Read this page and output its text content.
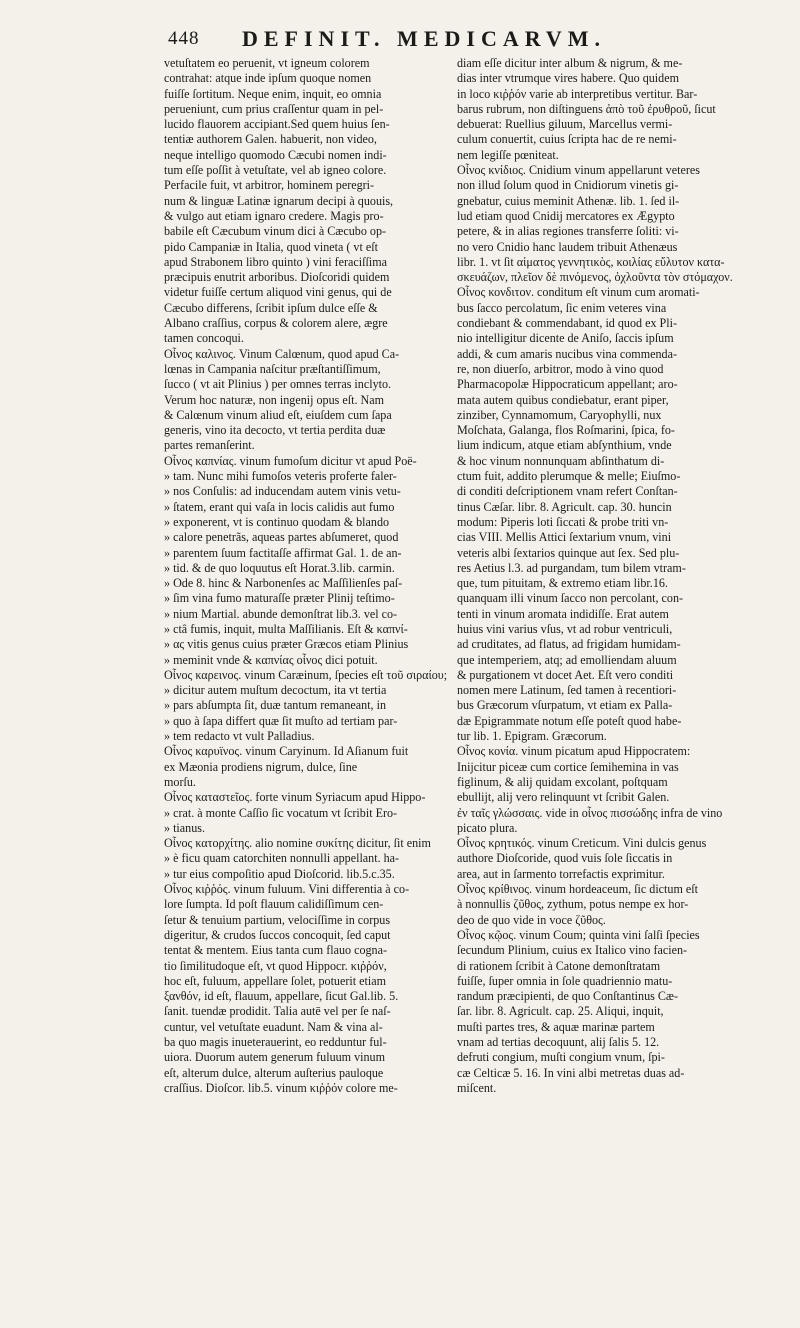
448 DEFINIT. MEDICARVM.
vetuſtatem eo peruenit, vt igneum colorem
contrahat: atque inde ipſum quoque nomen
fuiſſe ſortitum. Neque enim, inquit, eo omnia
perueniunt, cum prius craſſentur quam in pel-
lucido flauorem accipiant.Sed quem huius ſen-
tentiæ authorem Galen. habuerit, non video,
neque intelligo quomodo Cæcubi nomen indi-
tum eſſe poſſit à vetuſtate, vel ab igneo colore.
Perfacile fuit, vt arbitror, hominem peregri-
num & linguæ Latinæ ignarum decipi à quouis,
& vulgo aut etiam ignaro credere. Magis pro-
babile eſt Cæcubum vinum dici à Cæcubo op-
pido Campaniæ in Italia, quod vineta ( vt eſt
apud Strabonem libro quinto ) vini feraciſſima
præcipuis enutrit arboribus. Dioſcoridi quidem
videtur fuiſſe certum aliquod vini genus, qui de
Cæcubo differens, ſcribit ipſum dulce eſſe &
Albano craſſius, corpus & colorem alere, ægre
tamen concoqui.
Οἶνος καλινος. Vinum Calœnum, quod apud Ca-
lœnas in Campania naſcitur præſtantiſſimum,
ſucco ( vt ait Plinius ) per omnes terras inclyto.
Verum hoc naturæ, non ingenij opus eſt. Nam
& Calœnum vinum aliud eſt, eiuſdem cum ſapa
generis, vino ita decocto, vt tertia perdita duæ
partes remanſerint.
Οἶνος καπνίας. vinum fumoſum dicitur vt apud Poë-
» tam. Nunc mihi fumoſos veteris proferte faler-
» nos Conſulis: ad inducendam autem vinis vetu-
» ſtatem, erant qui vaſa in locis calidis aut fumo
» exponerent, vt is continuo quodam & blando
» calore penetrãs, aqueas partes abſumeret, quod
» parentem ſuum factitaſſe affirmat Gal. 1. de an-
» tid. & de quo loquutus eſt Horat.3.lib. carmin.
» Ode 8. hinc & Narbonenſes ac Maſſilienſes paſ-
» ſim vina fumo maturaſſe præter Plinij teſtimo-
» nium Martial. abunde demonſtrat lib.3. vel co-
» ctâ fumis, inquit, multa Maſſilianis. Eſt & καπνί-
» ας vitis genus cuius præter Græcos etiam Plinius
» meminit vnde & καπνίας οἶνος dici potuit.
Οἶνος καρεινος. vinum Caræinum, ſpecies eſt τοῦ σιραίου;
» dicitur autem muſtum decoctum, ita vt tertia
» pars abſumpta ſit, duæ tantum remaneant, in
» quo à ſapa differt quæ ſit muſto ad tertiam par-
» tem redacto vt vult Palladius.
Οἶνος καρυϊνος. vinum Caryinum. Id Aſianum fuit
ex Mæonia prodiens nigrum, dulce, ſine
morſu.
Οἶνος καταστεῖος. forte vinum Syriacum apud Hippo-
» crat. à monte Caſſio ſic vocatum vt ſcribit Ero-
» tianus.
Οἶνος κατορχίτης. alio nomine συκίτης dicitur, ſit enim
» è ficu quam catorchiten nonnulli appellant. ha-
» tur eius compoſitio apud Dioſcorid. lib.5.c.35.
Οἶνος κιῤῥός. vinum fuluum. Vini differentia à co-
lore ſumpta. Id poſt flauum calidiſſimum cen-
ſetur & tenuium partium, velociſſime in corpus
digeritur, & crudos ſuccos concoquit, ſed caput
tentat & mentem. Eius tanta cum flauo cogna-
tio ſimilitudoque eſt, vt quod Hippocr. κιῤῥόν,
hoc eſt, fuluum, appellare ſolet, potuerit etiam
ξανθόν, id eſt, flauum, appellare, ſicut Gal.lib. 5.
ſanit. tuendæ prodidit. Talia autē vel per ſe naſ-
cuntur, vel vetuſtate euadunt. Nam & vina al-
ba quo magis inueterauerint, eo redduntur ful-
uiora. Duorum autem generum fuluum vinum
eſt, alterum dulce, alterum auſterius pauloque
craſſius. Dioſcor. lib.5. vinum κιῤῥόν colore me-
diam eſſe dicitur inter album & nigrum, & me-
dias inter vtrumque vires habere. Quo quidem
in loco κιῤῥόν varie ab interpretibus vertitur. Bar-
barus rubrum, non diſtinguens ἀπὸ τοῦ ἐρυθροῦ, ſicut
debuerat: Ruellius giluum, Marcellus vermi-
culum conuertit, cuius ſcripta hac de re nemi-
nem legiſſe pœniteat.
Οἶνος κνίδιος. Cnidium vinum appellarunt veteres
non illud ſolum quod in Cnidiorum vinetis gi-
gnebatur, cuius meminit Athenæ. lib. 1. ſed il-
lud etiam quod Cnidij mercatores ex Ægypto
petere, & in alias regiones transferre ſoliti: vi-
no vero Cnidio hanc laudem tribuit Athenæus
libr. 1. vt ſit αἱματος γεννητικὸς, κοιλίας εὔλυτον κατα-
σκευάζων, πλεῖον δὲ πινόμενος, ὀχλοῦντα τὸν στόμαχον.
Οἶνος κονδιτον. conditum eſt vinum cum aromati-
bus ſacco percolatum, ſic enim veteres vina
condiebant & commendabant, id quod ex Pli-
nio intelligitur dicente de Aniſo, ſaccis ipſum
addi, & cum amaris nucibus vina commenda-
re, non diuerſo, arbitror, modo à vino quod
Pharmacopolæ Hippocraticum appellant; aro-
mata autem quibus condiebatur, erant piper,
zinziber, Cynnamomum, Caryophylli, nux
Moſchata, Galanga, flos Roſmarini, ſpica, fo-
lium indicum, atque etiam abſynthium, vnde
& hoc vinum nonnunquam abſinthatum di-
ctum fuit, addito plerumque & melle; Eiuſmo-
di conditi deſcriptionem vnam refert Conſtan-
tinus Cæſar. libr. 8. Agricult. cap. 30. huncin
modum: Piperis loti ſiccati & probe triti vn-
cias VIII. Mellis Attici ſextarium vnum, vini
veteris albi ſextarios quinque aut ſex. Sed plu-
res Aetius l.3. ad purgandam, tum bilem vtram-
que, tum pituitam, & extremo etiam libr.16.
quanquam illi vinum ſacco non percolant, con-
tenti in vinum aromata indidiſſe. Erat autem
huius vini varius vſus, vt ad robur ventriculi,
ad cruditates, ad flatus, ad frigidam humidam-
que intemperiem, atq; ad emolliendam aluum
& purgationem vt docet Aet. Eſt vero conditi
nomen mere Latinum, ſed tamen à recentiori-
bus Græcorum vſurpatum, vt etiam ex Palla-
dæ Epigrammate notum eſſe poteſt quod habe-
tur lib. 1. Epigram. Græcorum.
Οἶνος κονία. vinum picatum apud Hippocratem:
Inijcitur piceæ cum cortice ſemihemina in vas
figlinum, & alij quidam excolant, poſtquam
ebullijt, alij vero relinquunt vt ſcribit Galen.
ἐν ταῖς γλώσσαις. vide in οἶνος πισσώδης infra de vino
picato plura.
Οἶνος κρητικός. vinum Creticum. Vini dulcis genus
authore Dioſcoride, quod vuis ſole ſiccatis in
area, aut in ſarmento torrefactis exprimitur.
Οἶνος κρίθινος. vinum hordeaceum, ſic dictum eſt
à nonnullis ζῦθος, zythum, potus nempe ex hor-
deo de quo vide in voce ζῦθος.
Οἶνος κῷος. vinum Coum; quinta vini ſalſi ſpecies
ſecundum Plinium, cuius ex Italico vino facien-
di rationem ſcribit à Catone demonſtratam
fuiſſe, ſuper omnia in ſole quadriennio matu-
randum præcipienti, de quo Conſtantinus Cæ-
ſar. libr. 8. Agricult. cap. 25. Aliqui, inquit,
muſti partes tres, & aquæ marinæ partem
vnam ad tertias decoquunt, alij ſalis 5. 12.
defruti congium, muſti congium vnum, ſpi-
cæ Celticæ 5. 16. In vini albi metretas duas ad-
miſcent.
